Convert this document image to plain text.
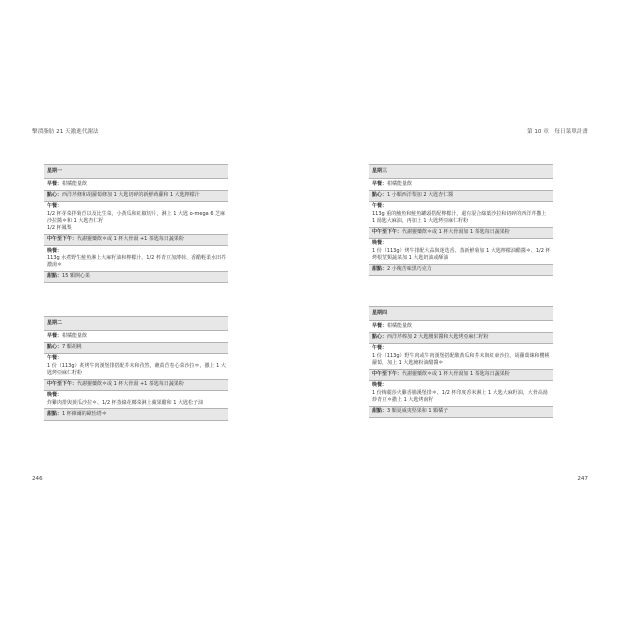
擊潰脂肪 21 天激進代謝法	第 10 章　每日菜單計畫
星期一
早餐：柑橘能量飲
點心：西洋芹條和胡蘿蔔條加 1 大匙切碎的新鮮蒔蘿和 1 大匙檸檬汁

午餐：
1/2 杯芽菜拌菊苣以及比生菜，小黃瓜和紅椒切片，淋上 1 大匙 o-mega 6 芝麻沙拉醬＊和 1 大匙杏仁籽
1/2 杯鳳梨
中午至下午：代謝靈藥飲＊或 1 杯大骨湯 +1 茶匙每日蔬果粉

晚餐：
113g 水煮野生鮭魚淋上大麻籽油和檸檬汁、1/2 杯青豆加薄荷、香醋輕柔水田芥濃湯＊
甜點：15 顆開心果
星期二
早餐：柑橘能量飲
點心：7 顆胡桃

午餐：
1 份（113g）炙烤牛肉漢堡排搭配芥末和孜然，蘸萵苣卷心菜沙拉＊，撒上 1 大匙烤亞麻仁籽粉
中午至下午：代謝靈藥飲＊或 1 杯大骨湯 +1 茶匙每日蔬果粉

晚餐：
炸雞肉排與黃瓜沙拉＊、1/2 杯蒸綠花椰菜淋上蘋果醋和 1 大匙松子油
甜點：1 杯維爾的歐怡塔＊
星期三
早餐：柑橘能量飲
點心：1 小顆西洋梨加 2 大匙杏仁醬

午餐：
113g 重的鮪魚和鮭魚罐頭搭配檸檬汁，還有混合綠葉沙拉和切碎的西洋芹撒上 1 湯匙大麻油，再加上 1 大匙烤亞麻仁籽粉
中午至下午：代謝靈藥飲＊或 1 杯大骨湯加 1 茶匙每日蔬果粉

晚餐：
1 份（113g）烤牛排配大蒜與迷迭香、蒸新鮮菊加 1 大匙檸檬油醋醬＊、1/2 杯烤根莖類蔬菜加 1 大匙奶油或酥油
甜點：2 小塊苦味黑巧克力
星期四
早餐：柑橘能量飲
點心：西洋芹棒加 2 大匙腰果醬和大匙烤亞麻仁籽粉

午餐：
1 份（113g）野牛肉或牛肉漢堡搭配酸黃瓜和芥末與紅東沙拉，胡蘿蔔絲和櫻桃蘿蔔，加上 1 大匙腌粉油醋醬＊
中午至下午：代謝靈藥飲＊或 1 杯大骨湯加 1 茶匙每日蔬果粉

晚餐：
1 份梅麗莎火雞香腸溪堡排＊、1/2 杯印度香米淋上 1 大匙大麻籽油，大骨高湯炒青豆＊撒上 1 大匙烤南籽
甜點：3 顆夏威夷堅果和 1 顆橘子
246	247
